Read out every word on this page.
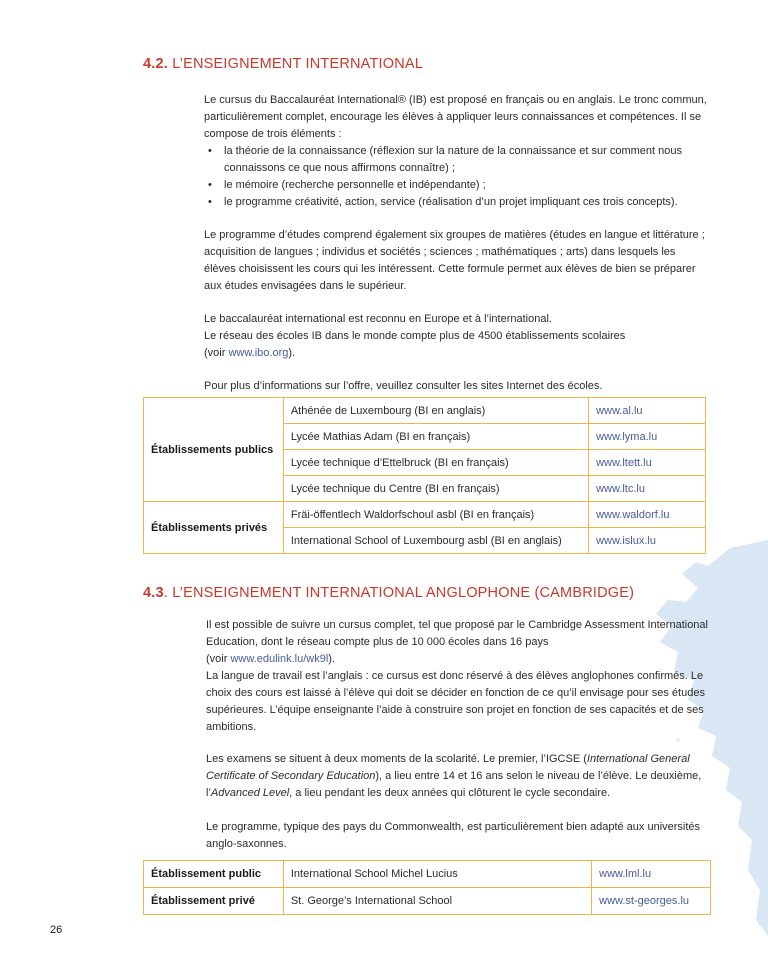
≈
4.2. L’ENSEIGNEMENT INTERNATIONAL

Le cursus du Baccalauréat International® (IB) est proposé en français ou en anglais. Le tronc commun, particulièrement complet, encourage les élèves à appliquer leurs connaissances et compétences. Il se compose de trois éléments :

• la théorie de la connaissance (réflexion sur la nature de la connaissance et sur comment nous connaissons ce que nous affirmons connaître) ;
• le mémoire (recherche personnelle et indépendante) ;
• le programme créativité, action, service (réalisation d’un projet impliquant ces trois concepts).

Le programme d’études comprend également six groupes de matières (études en langue et littérature ; acquisition de langues ; individus et sociétés ; sciences ; mathématiques ; arts) dans lesquels les élèves choisissent les cours qui les intéressent. Cette formule permet aux élèves de bien se préparer aux études envisagées dans le supérieur.

Le baccalauréat international est reconnu en Europe et à l’international.

Le réseau des écoles IB dans le monde compte plus de 4500 établissements scolaires

(voir www.ibo.org).

Pour plus d’informations sur l’offre, veuillez consulter les sites Internet des écoles.

Établissements publics	Athénée de Luxembourg (BI en anglais)	www.al.lu
	Lycée Mathias Adam (BI en français)	www.lyma.lu
	Lycée technique d’Ettelbruck (BI en français)	www.ltett.lu
	Lycée technique du Centre (BI en français)	www.ltc.lu
Établissements privés	Fräi-öffentlech Waldorfschoul asbl (BI en français)	www.waldorf.lu
	International School of Luxembourg asbl (BI en anglais)	www.islux.lu
4.3. L’ENSEIGNEMENT INTERNATIONAL ANGLOPHONE (CAMBRIDGE)

Il est possible de suivre un cursus complet, tel que proposé par le Cambridge Assessment International Education, dont le réseau compte plus de 10 000 écoles dans 16 pays

(voir www.edulink.lu/wk9l).

La langue de travail est l’anglais : ce cursus est donc réservé à des élèves anglophones confirmés. Le choix des cours est laissé à l’élève qui doit se décider en fonction de ce qu’il envisage pour ses études supérieures. L’équipe enseignante l’aide à construire son projet en fonction de ses capacités et de ses ambitions.

Les examens se situent à deux moments de la scolarité. Le premier, l’IGCSE (International General Certificate of Secondary Education), a lieu entre 14 et 16 ans selon le niveau de l’élève. Le deuxième, l’Advanced Level, a lieu pendant les deux années qui clôturent le cycle secondaire.

Le programme, typique des pays du Commonwealth, est particulièrement bien adapté aux universités anglo-saxonnes.

Établissement public	International School Michel Lucius	www.lml.lu
Établissement privé	St. George’s International School	www.st-georges.lu
26
